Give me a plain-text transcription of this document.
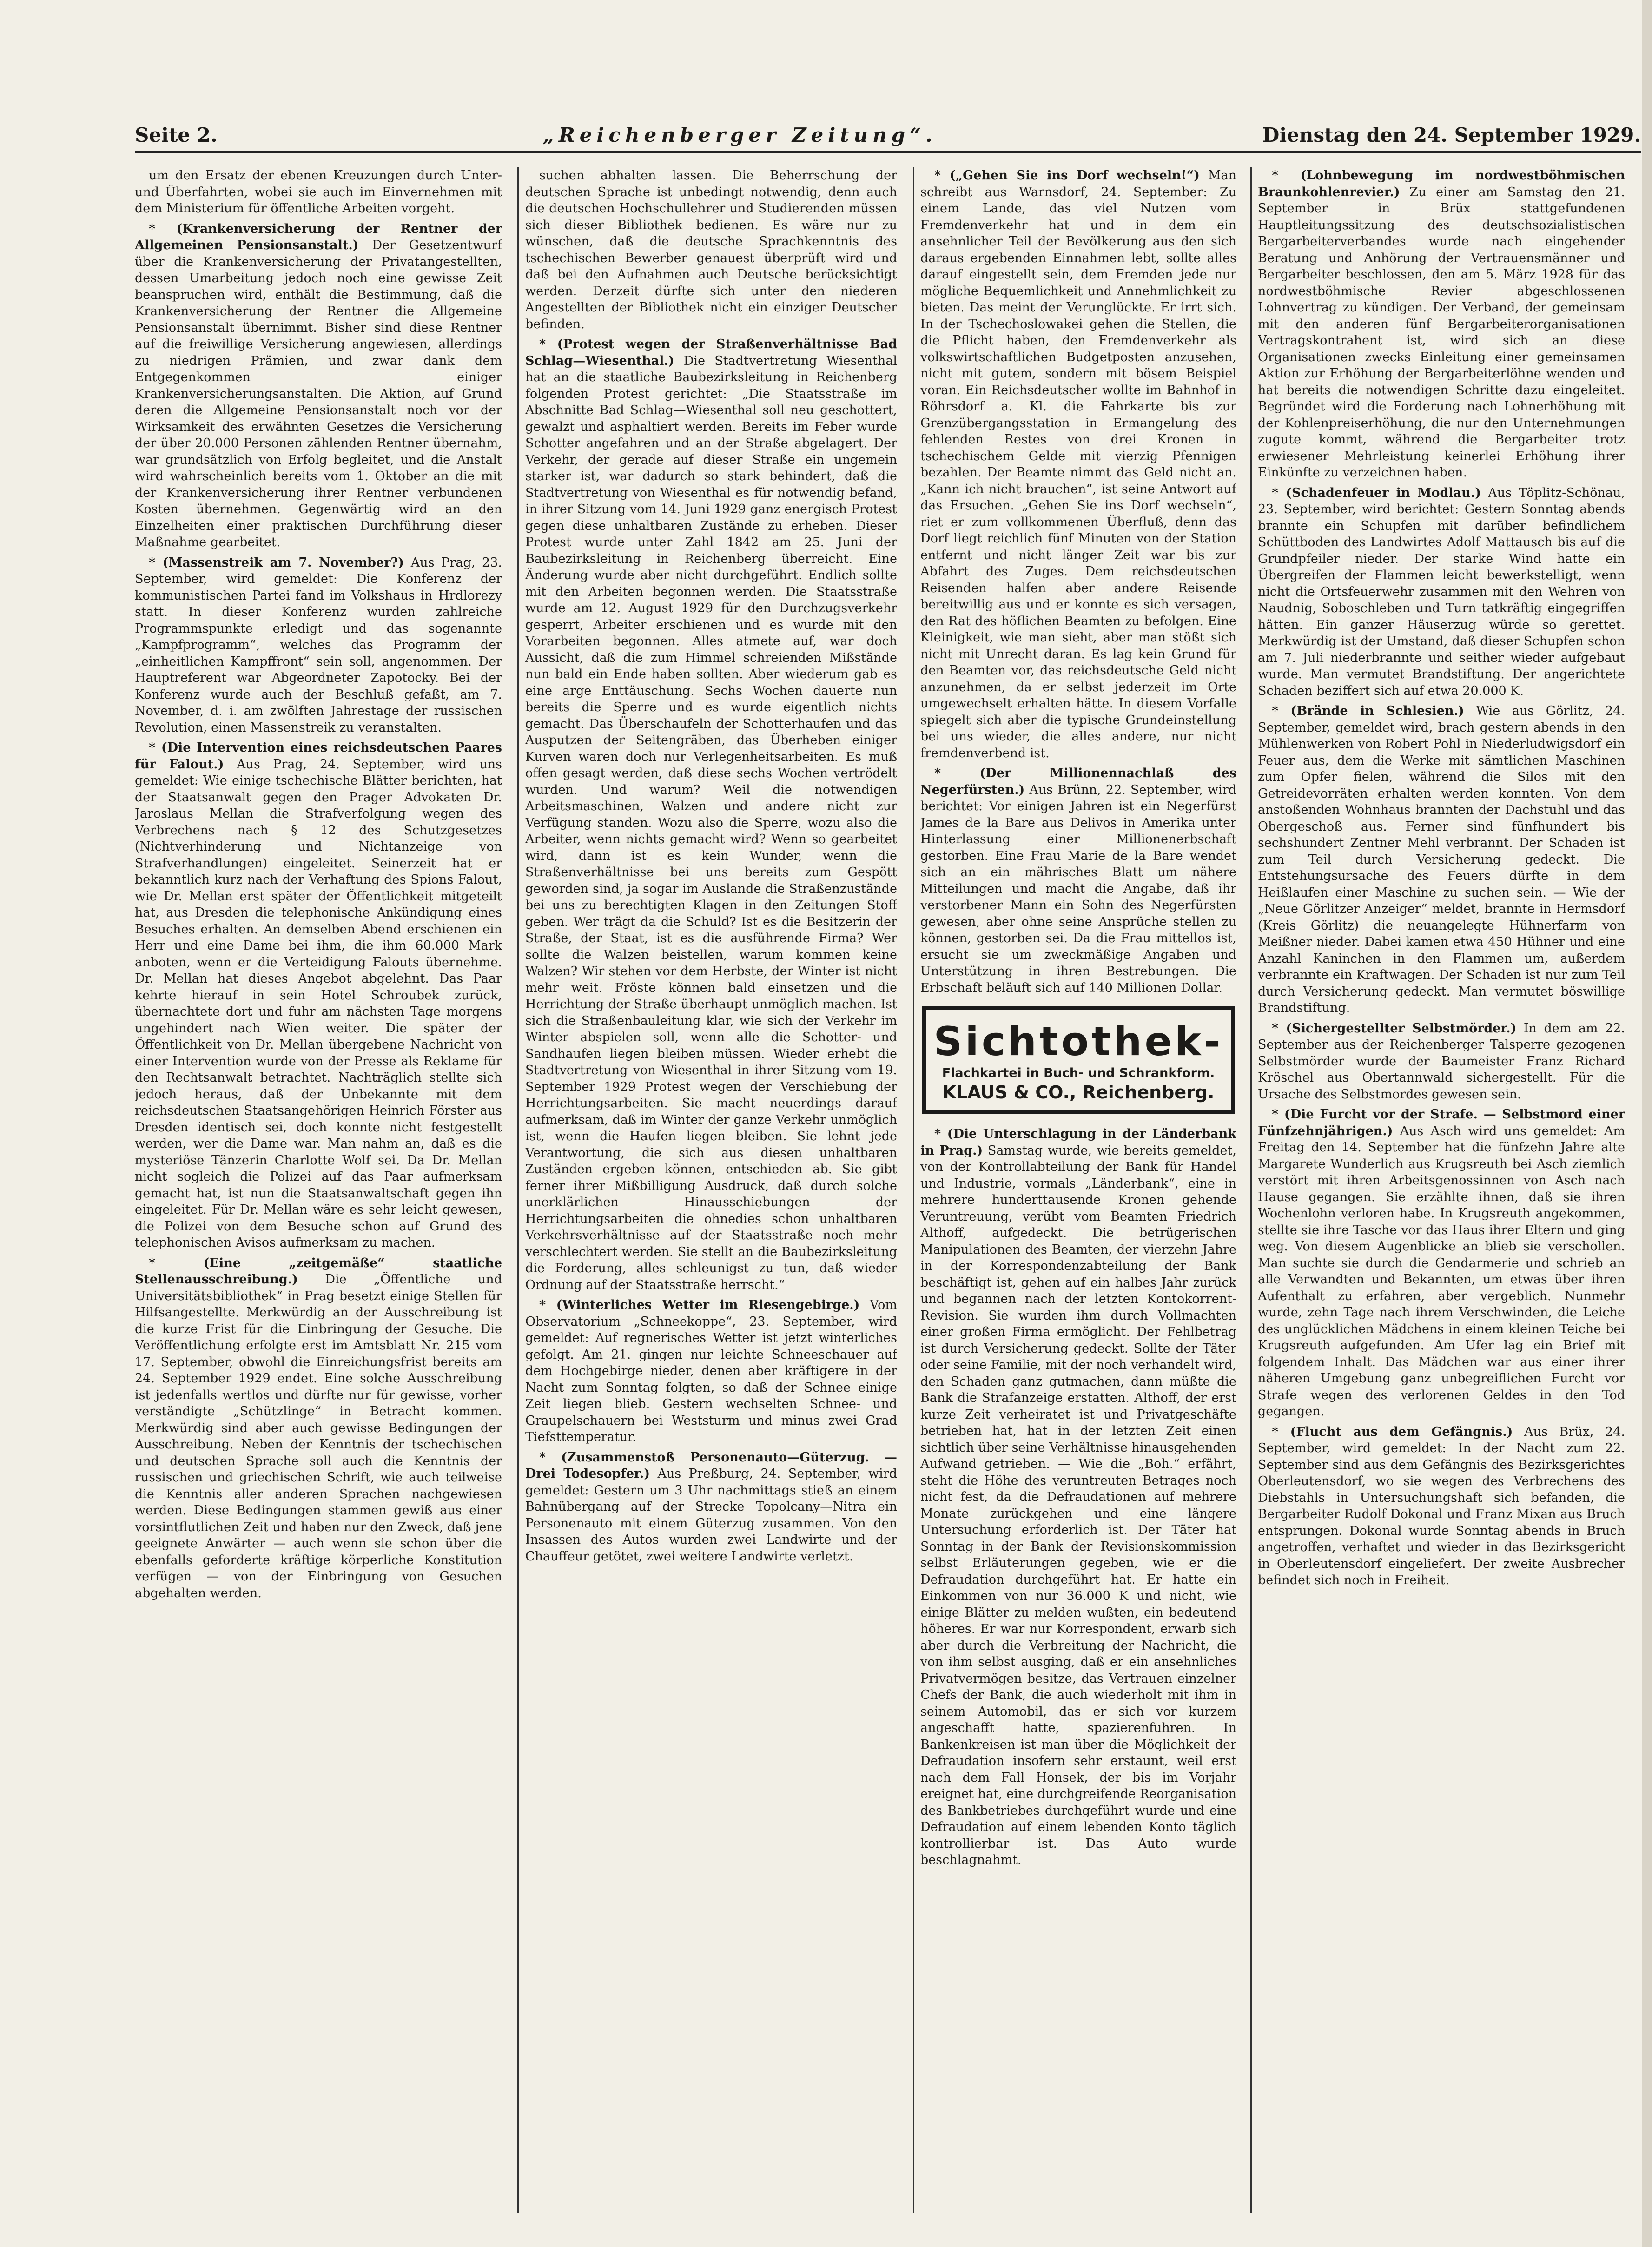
Seite 2.	„Reichenberger Zeitung“.	Dienstag den 24. September 1929.

um den Ersatz der ebenen Kreuzungen durch Unter- und Überfahrten, wobei sie auch im Einvernehmen mit dem Ministerium für öffentliche Arbeiten vorgeht.

* (Krankenversicherung der Rentner der Allgemeinen Pensionsanstalt.) Der Gesetzentwurf über die Krankenversicherung der Privatangestellten, dessen Umarbeitung jedoch noch eine gewisse Zeit beanspruchen wird, enthält die Bestimmung, daß die Krankenversicherung der Rentner die Allgemeine Pensionsanstalt übernimmt. Bisher sind diese Rentner auf die freiwillige Versicherung angewiesen, allerdings zu niedrigen Prämien, und zwar dank dem Entgegenkommen einiger Krankenversicherungsanstalten. Die Aktion, auf Grund deren die Allgemeine Pensionsanstalt noch vor der Wirksamkeit des erwähnten Gesetzes die Versicherung der über 20.000 Personen zählenden Rentner übernahm, war grundsätzlich von Erfolg begleitet, und die Anstalt wird wahrscheinlich bereits vom 1. Oktober an die mit der Krankenversicherung ihrer Rentner verbundenen Kosten übernehmen. Gegenwärtig wird an den Einzelheiten einer praktischen Durchführung dieser Maßnahme gearbeitet.

* (Massenstreik am 7. November?) Aus Prag, 23. September, wird gemeldet: Die Konferenz der kommunistischen Partei fand im Volkshaus in Hrdlorezy statt. In dieser Konferenz wurden zahlreiche Programmspunkte erledigt und das sogenannte „Kampfprogramm“, welches das Programm der „einheitlichen Kampffront“ sein soll, angenommen. Der Hauptreferent war Abgeordneter Zapotocky. Bei der Konferenz wurde auch der Beschluß gefaßt, am 7. November, d. i. am zwölften Jahrestage der russischen Revolution, einen Massenstreik zu veranstalten.

* (Die Intervention eines reichsdeutschen Paares für Falout.) Aus Prag, 24. September, wird uns gemeldet: Wie einige tschechische Blätter berichten, hat der Staatsanwalt gegen den Prager Advokaten Dr. Jaroslaus Mellan die Strafverfolgung wegen des Verbrechens nach § 12 des Schutzgesetzes (Nichtverhinderung und Nichtanzeige von Strafverhandlungen) eingeleitet. Seinerzeit hat er bekanntlich kurz nach der Verhaftung des Spions Falout, wie Dr. Mellan erst später der Öffentlichkeit mitgeteilt hat, aus Dresden die telephonische Ankündigung eines Besuches erhalten. An demselben Abend erschienen ein Herr und eine Dame bei ihm, die ihm 60.000 Mark anboten, wenn er die Verteidigung Falouts übernehme. Dr. Mellan hat dieses Angebot abgelehnt. Das Paar kehrte hierauf in sein Hotel Schroubek zurück, übernachtete dort und fuhr am nächsten Tage morgens ungehindert nach Wien weiter. Die später der Öffentlichkeit von Dr. Mellan übergebene Nachricht von einer Intervention wurde von der Presse als Reklame für den Rechtsanwalt betrachtet. Nachträglich stellte sich jedoch heraus, daß der Unbekannte mit dem reichsdeutschen Staatsangehörigen Heinrich Förster aus Dresden identisch sei, doch konnte nicht festgestellt werden, wer die Dame war. Man nahm an, daß es die mysteriöse Tänzerin Charlotte Wolf sei. Da Dr. Mellan nicht sogleich die Polizei auf das Paar aufmerksam gemacht hat, ist nun die Staatsanwaltschaft gegen ihn eingeleitet. Für Dr. Mellan wäre es sehr leicht gewesen, die Polizei von dem Besuche schon auf Grund des telephonischen Avisos aufmerksam zu machen.

* (Eine „zeitgemäße“ staatliche Stellenausschreibung.) Die „Öffentliche und Universitätsbibliothek“ in Prag besetzt einige Stellen für Hilfsangestellte. Merkwürdig an der Ausschreibung ist die kurze Frist für die Einbringung der Gesuche. Die Veröffentlichung erfolgte erst im Amtsblatt Nr. 215 vom 17. September, obwohl die Einreichungsfrist bereits am 24. September 1929 endet. Eine solche Ausschreibung ist jedenfalls wertlos und dürfte nur für gewisse, vorher verständigte „Schützlinge“ in Betracht kommen. Merkwürdig sind aber auch gewisse Bedingungen der Ausschreibung. Neben der Kenntnis der tschechischen und deutschen Sprache soll auch die Kenntnis der russischen und griechischen Schrift, wie auch teilweise die Kenntnis aller anderen Sprachen nachgewiesen werden. Diese Bedingungen stammen gewiß aus einer vorsintflutlichen Zeit und haben nur den Zweck, daß jene geeignete Anwärter — auch wenn sie schon über die ebenfalls geforderte kräftige körperliche Konstitution verfügen — von der Einbringung von Gesuchen abgehalten werden.

suchen abhalten lassen. Die Beherrschung der deutschen Sprache ist unbedingt notwendig, denn auch die deutschen Hochschullehrer und Studierenden müssen sich dieser Bibliothek bedienen. Es wäre nur zu wünschen, daß die deutsche Sprachkenntnis des tschechischen Bewerber genauest überprüft wird und daß bei den Aufnahmen auch Deutsche berücksichtigt werden. Derzeit dürfte sich unter den niederen Angestellten der Bibliothek nicht ein einziger Deutscher befinden.

* (Protest wegen der Straßenverhältnisse Bad Schlag—Wiesenthal.) Die Stadtvertretung Wiesenthal hat an die staatliche Baubezirksleitung in Reichenberg folgenden Protest gerichtet: „Die Staatsstraße im Abschnitte Bad Schlag—Wiesenthal soll neu geschottert, gewalzt und asphaltiert werden. Bereits im Feber wurde Schotter angefahren und an der Straße abgelagert. Der Verkehr, der gerade auf dieser Straße ein ungemein starker ist, war dadurch so stark behindert, daß die Stadtvertretung von Wiesenthal es für notwendig befand, in ihrer Sitzung vom 14. Juni 1929 ganz energisch Protest gegen diese unhaltbaren Zustände zu erheben. Dieser Protest wurde unter Zahl 1842 am 25. Juni der Baubezirksleitung in Reichenberg überreicht. Eine Änderung wurde aber nicht durchgeführt. Endlich sollte mit den Arbeiten begonnen werden. Die Staatsstraße wurde am 12. August 1929 für den Durchzugsverkehr gesperrt, Arbeiter erschienen und es wurde mit den Vorarbeiten begonnen. Alles atmete auf, war doch Aussicht, daß die zum Himmel schreienden Mißstände nun bald ein Ende haben sollten. Aber wiederum gab es eine arge Enttäuschung. Sechs Wochen dauerte nun bereits die Sperre und es wurde eigentlich nichts gemacht. Das Überschaufeln der Schotterhaufen und das Ausputzen der Seitengräben, das Überheben einiger Kurven waren doch nur Verlegenheitsarbeiten. Es muß offen gesagt werden, daß diese sechs Wochen vertrödelt wurden. Und warum? Weil die notwendigen Arbeitsmaschinen, Walzen und andere nicht zur Verfügung standen. Wozu also die Sperre, wozu also die Arbeiter, wenn nichts gemacht wird? Wenn so gearbeitet wird, dann ist es kein Wunder, wenn die Straßenverhältnisse bei uns bereits zum Gespött geworden sind, ja sogar im Auslande die Straßenzustände bei uns zu berechtigten Klagen in den Zeitungen Stoff geben. Wer trägt da die Schuld? Ist es die Besitzerin der Straße, der Staat, ist es die ausführende Firma? Wer sollte die Walzen beistellen, warum kommen keine Walzen? Wir stehen vor dem Herbste, der Winter ist nicht mehr weit. Fröste können bald einsetzen und die Herrichtung der Straße überhaupt unmöglich machen. Ist sich die Straßenbauleitung klar, wie sich der Verkehr im Winter abspielen soll, wenn alle die Schotter- und Sandhaufen liegen bleiben müssen. Wieder erhebt die Stadtvertretung von Wiesenthal in ihrer Sitzung vom 19. September 1929 Protest wegen der Verschiebung der Herrichtungsarbeiten. Sie macht neuerdings darauf aufmerksam, daß im Winter der ganze Verkehr unmöglich ist, wenn die Haufen liegen bleiben. Sie lehnt jede Verantwortung, die sich aus diesen unhaltbaren Zuständen ergeben können, entschieden ab. Sie gibt ferner ihrer Mißbilligung Ausdruck, daß durch solche unerklärlichen Hinausschiebungen der Herrichtungsarbeiten die ohnedies schon unhaltbaren Verkehrsverhältnisse auf der Staatsstraße noch mehr verschlechtert werden. Sie stellt an die Baubezirksleitung die Forderung, alles schleunigst zu tun, daß wieder Ordnung auf der Staatsstraße herrscht.“

* (Winterliches Wetter im Riesengebirge.) Vom Observatorium „Schneekoppe“, 23. September, wird gemeldet: Auf regnerisches Wetter ist jetzt winterliches gefolgt. Am 21. gingen nur leichte Schneeschauer auf dem Hochgebirge nieder, denen aber kräftigere in der Nacht zum Sonntag folgten, so daß der Schnee einige Zeit liegen blieb. Gestern wechselten Schnee- und Graupelschauern bei Weststurm und minus zwei Grad Tiefsttemperatur.

* (Zusammenstoß Personenauto—Güterzug. — Drei Todesopfer.) Aus Preßburg, 24. September, wird gemeldet: Gestern um 3 Uhr nachmittags stieß an einem Bahnübergang auf der Strecke Topolcany—Nitra ein Personenauto mit einem Güterzug zusammen. Von den Insassen des Autos wurden zwei Landwirte und der Chauffeur getötet, zwei weitere Landwirte verletzt.

* („Gehen Sie ins Dorf wechseln!“) Man schreibt aus Warnsdorf, 24. September: Zu einem Lande, das viel Nutzen vom Fremdenverkehr hat und in dem ein ansehnlicher Teil der Bevölkerung aus den sich daraus ergebenden Einnahmen lebt, sollte alles darauf eingestellt sein, dem Fremden jede nur mögliche Bequemlichkeit und Annehmlichkeit zu bieten. Das meint der Verunglückte. Er irrt sich. In der Tschechoslowakei gehen die Stellen, die die Pflicht haben, den Fremdenverkehr als volkswirtschaftlichen Budgetposten anzusehen, nicht mit gutem, sondern mit bösem Beispiel voran. Ein Reichsdeutscher wollte im Bahnhof in Röhrsdorf a. Kl. die Fahrkarte bis zur Grenzübergangsstation in Ermangelung des fehlenden Restes von drei Kronen in tschechischem Gelde mit vierzig Pfennigen bezahlen. Der Beamte nimmt das Geld nicht an. „Kann ich nicht brauchen“, ist seine Antwort auf das Ersuchen. „Gehen Sie ins Dorf wechseln“, riet er zum vollkommenen Überfluß, denn das Dorf liegt reichlich fünf Minuten von der Station entfernt und nicht länger Zeit war bis zur Abfahrt des Zuges. Dem reichsdeutschen Reisenden halfen aber andere Reisende bereitwillig aus und er konnte es sich versagen, den Rat des höflichen Beamten zu befolgen. Eine Kleinigkeit, wie man sieht, aber man stößt sich nicht mit Unrecht daran. Es lag kein Grund für den Beamten vor, das reichsdeutsche Geld nicht anzunehmen, da er selbst jederzeit im Orte umgewechselt erhalten hätte. In diesem Vorfalle spiegelt sich aber die typische Grundeinstellung bei uns wieder, die alles andere, nur nicht fremdenverbend ist.

* (Der Millionennachlaß des Negerfürsten.) Aus Brünn, 22. September, wird berichtet: Vor einigen Jahren ist ein Negerfürst James de la Bare aus Delivos in Amerika unter Hinterlassung einer Millionenerbschaft gestorben. Eine Frau Marie de la Bare wendet sich an ein mährisches Blatt um nähere Mitteilungen und macht die Angabe, daß ihr verstorbener Mann ein Sohn des Negerfürsten gewesen, aber ohne seine Ansprüche stellen zu können, gestorben sei. Da die Frau mittellos ist, ersucht sie um zweckmäßige Angaben und Unterstützung in ihren Bestrebungen. Die Erbschaft beläuft sich auf 140 Millionen Dollar.

Sichtothek-
Flachkartei in Buch- und Schrankform.
KLAUS & CO., Reichenberg.

* (Die Unterschlagung in der Länderbank in Prag.) Samstag wurde, wie bereits gemeldet, von der Kontrollabteilung der Bank für Handel und Industrie, vormals „Länderbank“, eine in mehrere hunderttausende Kronen gehende Veruntreuung, verübt vom Beamten Friedrich Althoff, aufgedeckt. Die betrügerischen Manipulationen des Beamten, der vierzehn Jahre in der Korrespondenzabteilung der Bank beschäftigt ist, gehen auf ein halbes Jahr zurück und begannen nach der letzten Kontokorrent-Revision. Sie wurden ihm durch Vollmachten einer großen Firma ermöglicht. Der Fehlbetrag ist durch Versicherung gedeckt. Sollte der Täter oder seine Familie, mit der noch verhandelt wird, den Schaden ganz gutmachen, dann müßte die Bank die Strafanzeige erstatten. Althoff, der erst kurze Zeit verheiratet ist und Privatgeschäfte betrieben hat, hat in der letzten Zeit einen sichtlich über seine Verhältnisse hinausgehenden Aufwand getrieben. — Wie die „Boh.“ erfährt, steht die Höhe des veruntreuten Betrages noch nicht fest, da die Defraudationen auf mehrere Monate zurückgehen und eine längere Untersuchung erforderlich ist. Der Täter hat Sonntag in der Bank der Revisionskommission selbst Erläuterungen gegeben, wie er die Defraudation durchgeführt hat. Er hatte ein Einkommen von nur 36.000 K und nicht, wie einige Blätter zu melden wußten, ein bedeutend höheres. Er war nur Korrespondent, erwarb sich aber durch die Verbreitung der Nachricht, die von ihm selbst ausging, daß er ein ansehnliches Privatvermögen besitze, das Vertrauen einzelner Chefs der Bank, die auch wiederholt mit ihm in seinem Automobil, das er sich vor kurzem angeschafft hatte, spazierenfuhren. In Bankenkreisen ist man über die Möglichkeit der Defraudation insofern sehr erstaunt, weil erst nach dem Fall Honsek, der bis im Vorjahr ereignet hat, eine durchgreifende Reorganisation des Bankbetriebes durchgeführt wurde und eine Defraudation auf einem lebenden Konto täglich kontrollierbar ist. Das Auto wurde beschlagnahmt.

* (Lohnbewegung im nordwestböhmischen Braunkohlenrevier.) Zu einer am Samstag den 21. September in Brüx stattgefundenen Hauptleitungssitzung des deutschsozialistischen Bergarbeiterverbandes wurde nach eingehender Beratung und Anhörung der Vertrauensmänner und Bergarbeiter beschlossen, den am 5. März 1928 für das nordwestböhmische Revier abgeschlossenen Lohnvertrag zu kündigen. Der Verband, der gemeinsam mit den anderen fünf Bergarbeiterorganisationen Vertragskontrahent ist, wird sich an diese Organisationen zwecks Einleitung einer gemeinsamen Aktion zur Erhöhung der Bergarbeiterlöhne wenden und hat bereits die notwendigen Schritte dazu eingeleitet. Begründet wird die Forderung nach Lohnerhöhung mit der Kohlenpreiserhöhung, die nur den Unternehmungen zugute kommt, während die Bergarbeiter trotz erwiesener Mehrleistung keinerlei Erhöhung ihrer Einkünfte zu verzeichnen haben.

* (Schadenfeuer in Modlau.) Aus Töplitz-Schönau, 23. September, wird berichtet: Gestern Sonntag abends brannte ein Schupfen mit darüber befindlichem Schüttboden des Landwirtes Adolf Mattausch bis auf die Grundpfeiler nieder. Der starke Wind hatte ein Übergreifen der Flammen leicht bewerkstelligt, wenn nicht die Ortsfeuerwehr zusammen mit den Wehren von Naudnig, Soboschleben und Turn tatkräftig eingegriffen hätten. Ein ganzer Häuserzug würde so gerettet. Merkwürdig ist der Umstand, daß dieser Schupfen schon am 7. Juli niederbrannte und seither wieder aufgebaut wurde. Man vermutet Brandstiftung. Der angerichtete Schaden beziffert sich auf etwa 20.000 K.

* (Brände in Schlesien.) Wie aus Görlitz, 24. September, gemeldet wird, brach gestern abends in den Mühlenwerken von Robert Pohl in Niederludwigsdorf ein Feuer aus, dem die Werke mit sämtlichen Maschinen zum Opfer fielen, während die Silos mit den Getreidevorräten erhalten werden konnten. Von dem anstoßenden Wohnhaus brannten der Dachstuhl und das Obergeschoß aus. Ferner sind fünfhundert bis sechshundert Zentner Mehl verbrannt. Der Schaden ist zum Teil durch Versicherung gedeckt. Die Entstehungsursache des Feuers dürfte in dem Heißlaufen einer Maschine zu suchen sein. — Wie der „Neue Görlitzer Anzeiger“ meldet, brannte in Hermsdorf (Kreis Görlitz) die neuangelegte Hühnerfarm von Meißner nieder. Dabei kamen etwa 450 Hühner und eine Anzahl Kaninchen in den Flammen um, außerdem verbrannte ein Kraftwagen. Der Schaden ist nur zum Teil durch Versicherung gedeckt. Man vermutet böswillige Brandstiftung.

* (Sichergestellter Selbstmörder.) In dem am 22. September aus der Reichenberger Talsperre gezogenen Selbstmörder wurde der Baumeister Franz Richard Kröschel aus Obertannwald sichergestellt. Für die Ursache des Selbstmordes gewesen sein.

* (Die Furcht vor der Strafe. — Selbstmord einer Fünfzehnjährigen.) Aus Asch wird uns gemeldet: Am Freitag den 14. September hat die fünfzehn Jahre alte Margarete Wunderlich aus Krugsreuth bei Asch ziemlich verstört mit ihren Arbeitsgenossinnen von Asch nach Hause gegangen. Sie erzählte ihnen, daß sie ihren Wochenlohn verloren habe. In Krugsreuth angekommen, stellte sie ihre Tasche vor das Haus ihrer Eltern und ging weg. Von diesem Augenblicke an blieb sie verschollen. Man suchte sie durch die Gendarmerie und schrieb an alle Verwandten und Bekannten, um etwas über ihren Aufenthalt zu erfahren, aber vergeblich. Nunmehr wurde, zehn Tage nach ihrem Verschwinden, die Leiche des unglücklichen Mädchens in einem kleinen Teiche bei Krugsreuth aufgefunden. Am Ufer lag ein Brief mit folgendem Inhalt. Das Mädchen war aus einer ihrer näheren Umgebung ganz unbegreiflichen Furcht vor Strafe wegen des verlorenen Geldes in den Tod gegangen.

* (Flucht aus dem Gefängnis.) Aus Brüx, 24. September, wird gemeldet: In der Nacht zum 22. September sind aus dem Gefängnis des Bezirksgerichtes Oberleutensdorf, wo sie wegen des Verbrechens des Diebstahls in Untersuchungshaft sich befanden, die Bergarbeiter Rudolf Dokonal und Franz Mixan aus Bruch entsprungen. Dokonal wurde Sonntag abends in Bruch angetroffen, verhaftet und wieder in das Bezirksgericht in Oberleutensdorf eingeliefert. Der zweite Ausbrecher befindet sich noch in Freiheit.
